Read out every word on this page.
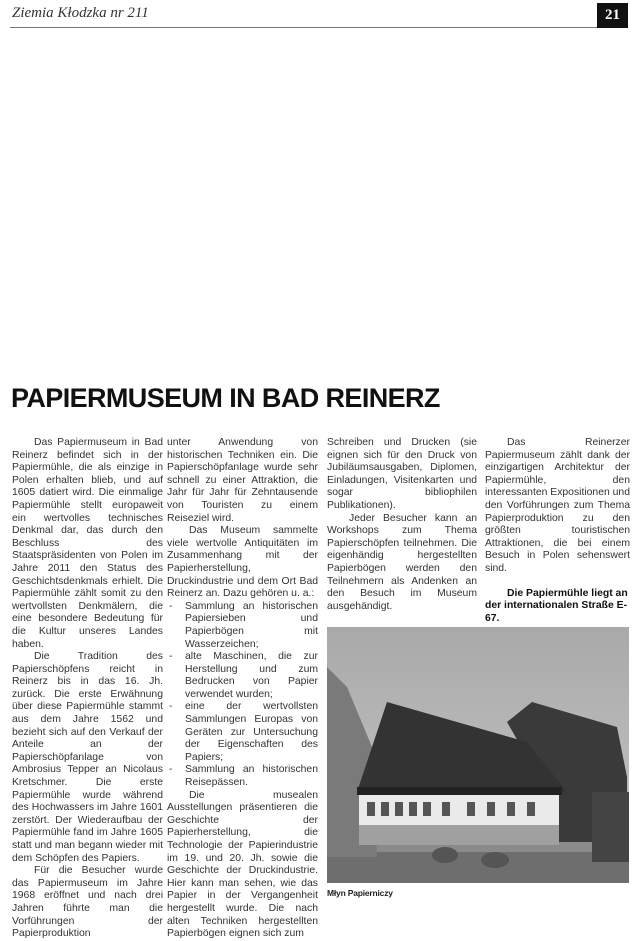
Ziemia Kłodzka nr 211	21
PAPIERMUSEUM IN BAD REINERZ

Das Papiermuseum in Bad Reinerz befindet sich in der Papiermühle, die als einzige in Polen erhalten blieb, und auf 1605 datiert wird. Die einmalige Papiermühle stellt europaweit ein wertvolles technisches Denkmal dar, das durch den Beschluss des Staatspräsidenten von Polen im Jahre 2011 den Status des Geschichtsdenkmals erhielt. Die Papiermühle zählt somit zu den wertvollsten Denkmälern, die eine besondere Bedeutung für die Kultur unseres Landes haben.

Die Tradition des Papierschöpfens reicht in Reinerz bis in das 16. Jh. zurück. Die erste Erwähnung über diese Papiermühle stammt aus dem Jahre 1562 und bezieht sich auf den Verkauf der Anteile an der Papierschöpfanlage von Ambrosius Tepper an Nicolaus Kretschmer. Die erste Papiermühle wurde während des Hochwassers im Jahre 1601 zerstört. Der Wiederaufbau der Papiermühle fand im Jahre 1605 statt und man begann wieder mit dem Schöpfen des Papiers.

Für die Besucher wurde das Papiermuseum im Jahre 1968 eröffnet und nach drei Jahren führte man die Vorführungen der Papierproduktion

unter Anwendung von historischen Techniken ein. Die Papierschöpfanlage wurde sehr schnell zu einer Attraktion, die Jahr für Jahr für Zehntausende von Touristen zu einem Reiseziel wird.

Das Museum sammelte viele wertvolle Antiquitäten im Zusammenhang mit der Papierherstellung, Druckindustrie und dem Ort Bad Reinerz an. Dazu gehören u. a.:

- Sammlung an historischen Papiersieben und Papierbögen mit Wasserzeichen;
- alte Maschinen, die zur Herstellung und zum Bedrucken von Papier verwendet wurden;
- eine der wertvollsten Sammlungen Europas von Geräten zur Untersuchung der Eigenschaften des Papiers;
- Sammlung an historischen Reisepässen.

Die musealen Ausstellungen präsentieren die Geschichte der Papierherstellung, die Technologie der Papierindustrie im 19. und 20. Jh. sowie die Geschichte der Druckindustrie. Hier kann man sehen, wie das Papier in der Vergangenheit hergestellt wurde. Die nach alten Techniken hergestellten Papierbögen eignen sich zum

Schreiben und Drucken (sie eignen sich für den Druck von Jubiläumsausgaben, Diplomen, Einladungen, Visitenkarten und sogar bibliophilen Publikationen).

Jeder Besucher kann an Workshops zum Thema Papierschöpfen teilnehmen. Die eigenhändig hergestellten Papierbögen werden den Teilnehmern als Andenken an den Besuch im Museum ausgehändigt.

Das Reinerzer Papiermuseum zählt dank der einzigartigen Architektur der Papiermühle, den interessanten Expositionen und den Vorführungen zum Thema Papierproduktion zu den größten touristischen Attraktionen, die bei einem Besuch in Polen sehenswert sind.

Die Papiermühle liegt an der internationalen Straße E-67.

Młyn Papierniczy
